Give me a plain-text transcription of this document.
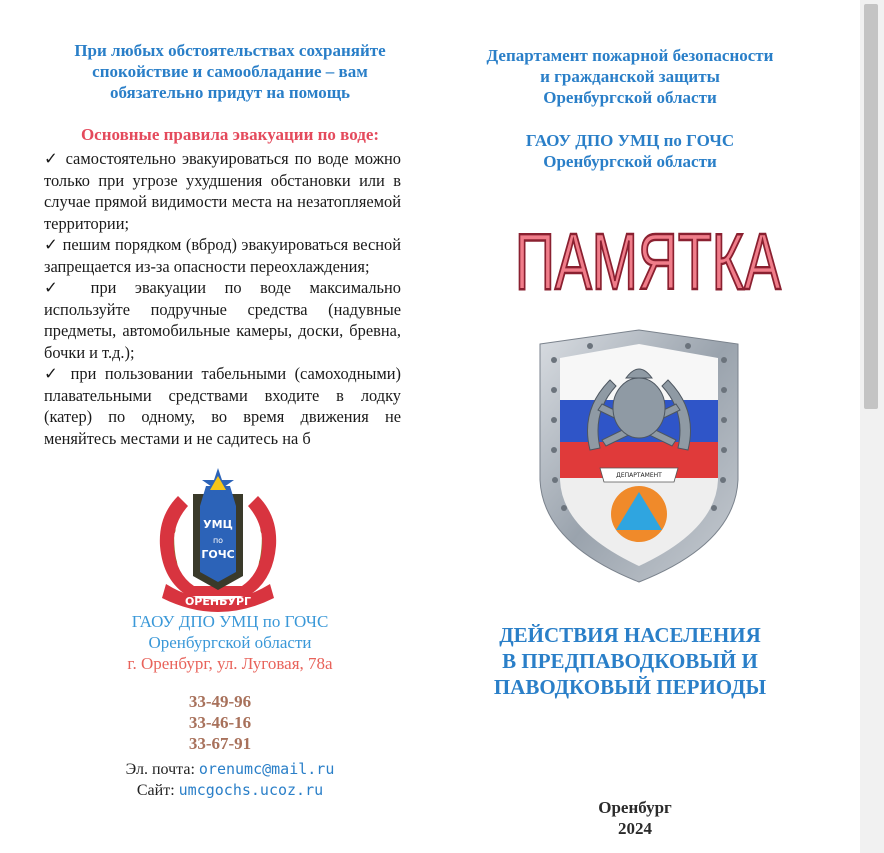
При любых обстоятельствах сохраняйте
спокойствие и самообладание – вам
обязательно придут на помощь
Основные правила эвакуации по воде:

✓ самостоятельно эвакуироваться по воде можно только при угрозе ухудшения обстановки или в случае прямой видимости места на незатопляемой территории;

✓ пешим порядком (вброд) эвакуироваться весной запрещается из-за опасности переохлаждения;

✓ при эвакуации по воде максимально используйте подручные средства (надувные предметы, автомобильные камеры, доски, бревна, бочки и т.д.);

✓ при пользовании табельными (самоходными) плавательными средствами входите в лодку (катер) по одному, во время движения не меняйтесь местами и не садитесь на б

УМЦ
по
ГОЧС
ОРЕНБУРГ
ГАОУ ДПО УМЦ по ГОЧС
Оренбургской области
г. Оренбург, ул. Луговая, 78а
33-49-96
33-46-16
33-67-91
Эл. почта: orenumc@mail.ru
Сайт: umcgochs.ucoz.ru
Департамент пожарной безопасности
и гражданской защиты
Оренбургской области
ГАОУ ДПО УМЦ по ГОЧС
Оренбургской области
ПАМЯТКА
ДЕПАРТАМЕНТ
ДЕЙСТВИЯ НАСЕЛЕНИЯ
В ПРЕДПАВОДКОВЫЙ И
ПАВОДКОВЫЙ ПЕРИОДЫ
Оренбург
2024
